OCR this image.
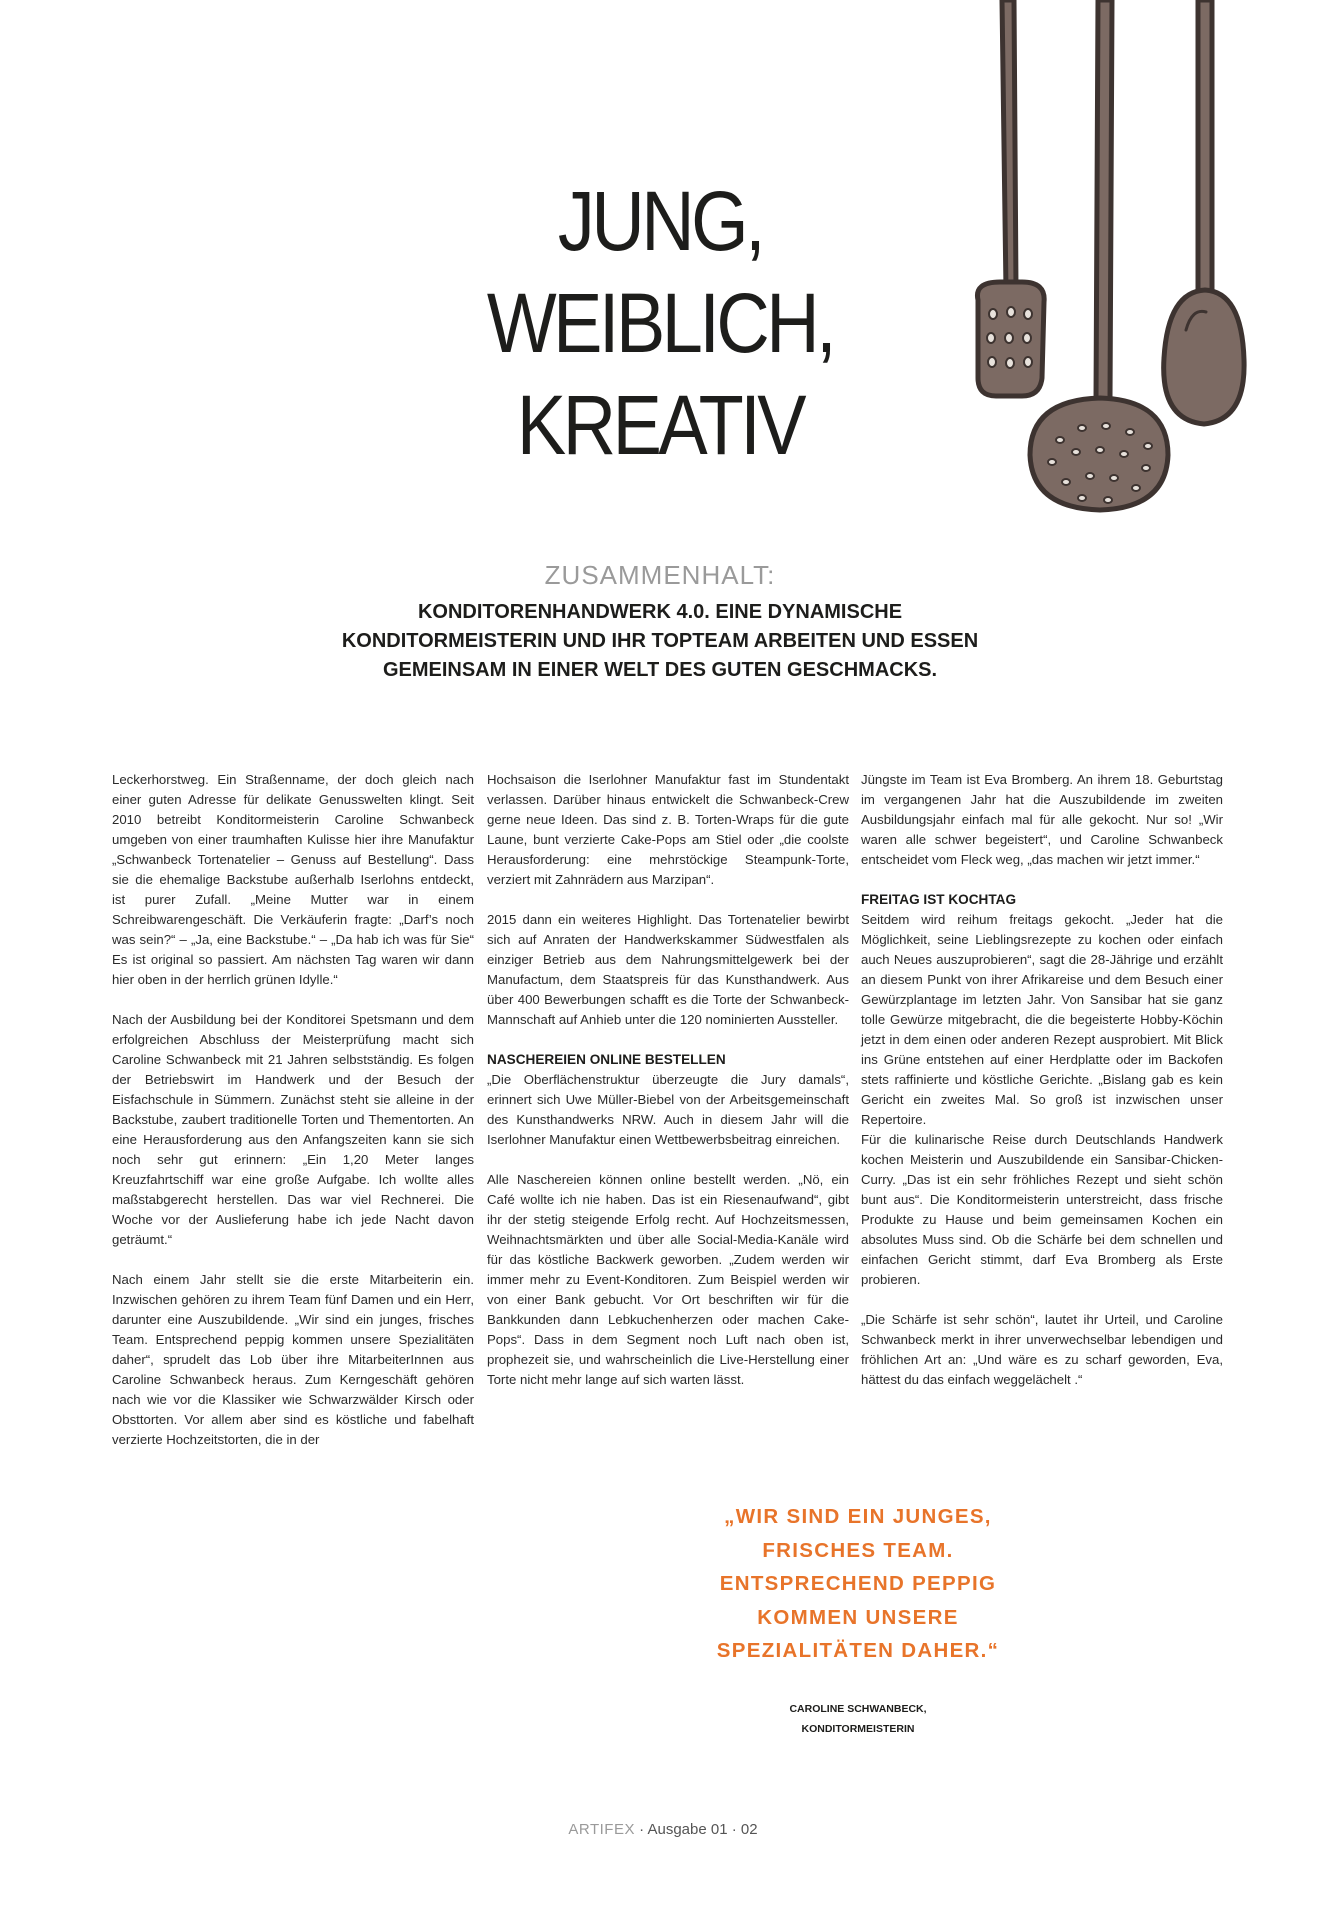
JUNG,
WEIBLICH,
KREATIV
ZUSAMMENHALT:
KONDITORENHANDWERK 4.0. EINE DYNAMISCHE
KONDITORMEISTERIN UND IHR TOPTEAM ARBEITEN UND ESSEN
GEMEINSAM IN EINER WELT DES GUTEN GESCHMACKS.

Leckerhorstweg. Ein Straßenname, der doch gleich nach einer guten Adresse für delikate Genusswelten klingt. Seit 2010 betreibt Konditormeisterin Caroline Schwanbeck umgeben von einer traumhaften Kulisse hier ihre Manufaktur „Schwanbeck Tortenatelier – Genuss auf Bestellung“. Dass sie die ehemalige Backstube außerhalb Iserlohns entdeckt, ist purer Zufall. „Meine Mutter war in einem Schreibwarengeschäft. Die Verkäuferin fragte: „Darf’s noch was sein?“ – „Ja, eine Backstube.“ – „Da hab ich was für Sie“ Es ist original so passiert. Am nächsten Tag waren wir dann hier oben in der herrlich grünen Idylle.“

Nach der Ausbildung bei der Konditorei Spetsmann und dem erfolgreichen Abschluss der Meisterprüfung macht sich Caroline Schwanbeck mit 21 Jahren selbstständig. Es folgen der Betriebswirt im Handwerk und der Besuch der Eisfachschule in Sümmern. Zunächst steht sie alleine in der Backstube, zaubert traditionelle Torten und Thementorten. An eine Herausforderung aus den Anfangszeiten kann sie sich noch sehr gut erinnern: „Ein 1,20 Meter langes Kreuzfahrtschiff war eine große Aufgabe. Ich wollte alles maßstabgerecht herstellen. Das war viel Rechnerei. Die Woche vor der Auslieferung habe ich jede Nacht davon geträumt.“

Nach einem Jahr stellt sie die erste Mitarbeiterin ein. Inzwischen gehören zu ihrem Team fünf Damen und ein Herr, darunter eine Auszubildende. „Wir sind ein junges, frisches Team. Entsprechend peppig kommen unsere Spezialitäten daher“, sprudelt das Lob über ihre MitarbeiterInnen aus Caroline Schwanbeck heraus. Zum Kerngeschäft gehören nach wie vor die Klassiker wie Schwarzwälder Kirsch oder Obsttorten. Vor allem aber sind es köstliche und fabelhaft verzierte Hochzeitstorten, die in der

Hochsaison die Iserlohner Manufaktur fast im Stundentakt verlassen. Darüber hinaus entwickelt die Schwanbeck-Crew gerne neue Ideen. Das sind z. B. Torten-Wraps für die gute Laune, bunt verzierte Cake-Pops am Stiel oder „die coolste Herausforderung: eine mehrstöckige Steampunk-Torte, verziert mit Zahnrädern aus Marzipan“.

2015 dann ein weiteres Highlight. Das Tortenatelier bewirbt sich auf Anraten der Handwerkskammer Südwestfalen als einziger Betrieb aus dem Nahrungsmittelgewerk bei der Manufactum, dem Staatspreis für das Kunsthandwerk. Aus über 400 Bewerbungen schafft es die Torte der Schwanbeck-Mannschaft auf Anhieb unter die 120 nominierten Aussteller.

NASCHEREIEN ONLINE BESTELLEN

„Die Oberflächenstruktur überzeugte die Jury damals“, erinnert sich Uwe Müller-Biebel von der Arbeitsgemeinschaft des Kunsthandwerks NRW. Auch in diesem Jahr will die Iserlohner Manufaktur einen Wettbewerbsbeitrag einreichen.

Alle Naschereien können online bestellt werden. „Nö, ein Café wollte ich nie haben. Das ist ein Riesenaufwand“, gibt ihr der stetig steigende Erfolg recht. Auf Hochzeitsmessen, Weihnachtsmärkten und über alle Social-Media-Kanäle wird für das köstliche Backwerk geworben. „Zudem werden wir immer mehr zu Event-Konditoren. Zum Beispiel werden wir von einer Bank gebucht. Vor Ort beschriften wir für die Bankkunden dann Lebkuchenherzen oder machen Cake-Pops“. Dass in dem Segment noch Luft nach oben ist, prophezeit sie, und wahrscheinlich die Live-Herstellung einer Torte nicht mehr lange auf sich warten lässt.

Jüngste im Team ist Eva Bromberg. An ihrem 18. Geburtstag im vergangenen Jahr hat die Auszubildende im zweiten Ausbildungsjahr einfach mal für alle gekocht. Nur so! „Wir waren alle schwer begeistert“, und Caroline Schwanbeck entscheidet vom Fleck weg, „das machen wir jetzt immer.“

FREITAG IST KOCHTAG

Seitdem wird reihum freitags gekocht. „Jeder hat die Möglichkeit, seine Lieblingsrezepte zu kochen oder einfach auch Neues auszuprobieren“, sagt die 28-Jährige und erzählt an diesem Punkt von ihrer Afrikareise und dem Besuch einer Gewürzplantage im letzten Jahr. Von Sansibar hat sie ganz tolle Gewürze mitgebracht, die die begeisterte Hobby-Köchin jetzt in dem einen oder anderen Rezept ausprobiert. Mit Blick ins Grüne entstehen auf einer Herdplatte oder im Backofen stets raffinierte und köstliche Gerichte. „Bislang gab es kein Gericht ein zweites Mal. So groß ist inzwischen unser Repertoire.

Für die kulinarische Reise durch Deutschlands Handwerk kochen Meisterin und Auszubildende ein Sansibar-Chicken-Curry. „Das ist ein sehr fröhliches Rezept und sieht schön bunt aus“. Die Konditormeisterin unterstreicht, dass frische Produkte zu Hause und beim gemeinsamen Kochen ein absolutes Muss sind. Ob die Schärfe bei dem schnellen und einfachen Gericht stimmt, darf Eva Bromberg als Erste probieren.

„Die Schärfe ist sehr schön“, lautet ihr Urteil, und Caroline Schwanbeck merkt in ihrer unverwechselbar lebendigen und fröhlichen Art an: „Und wäre es zu scharf geworden, Eva, hättest du das einfach weggelächelt .“

„WIR SIND EIN JUNGES,
FRISCHES TEAM.
ENTSPRECHEND PEPPIG
KOMMEN UNSERE
SPEZIALITÄTEN DAHER.“
CAROLINE SCHWANBECK,
KONDITORMEISTERIN
ARTIFEX · Ausgabe 01 · 02
